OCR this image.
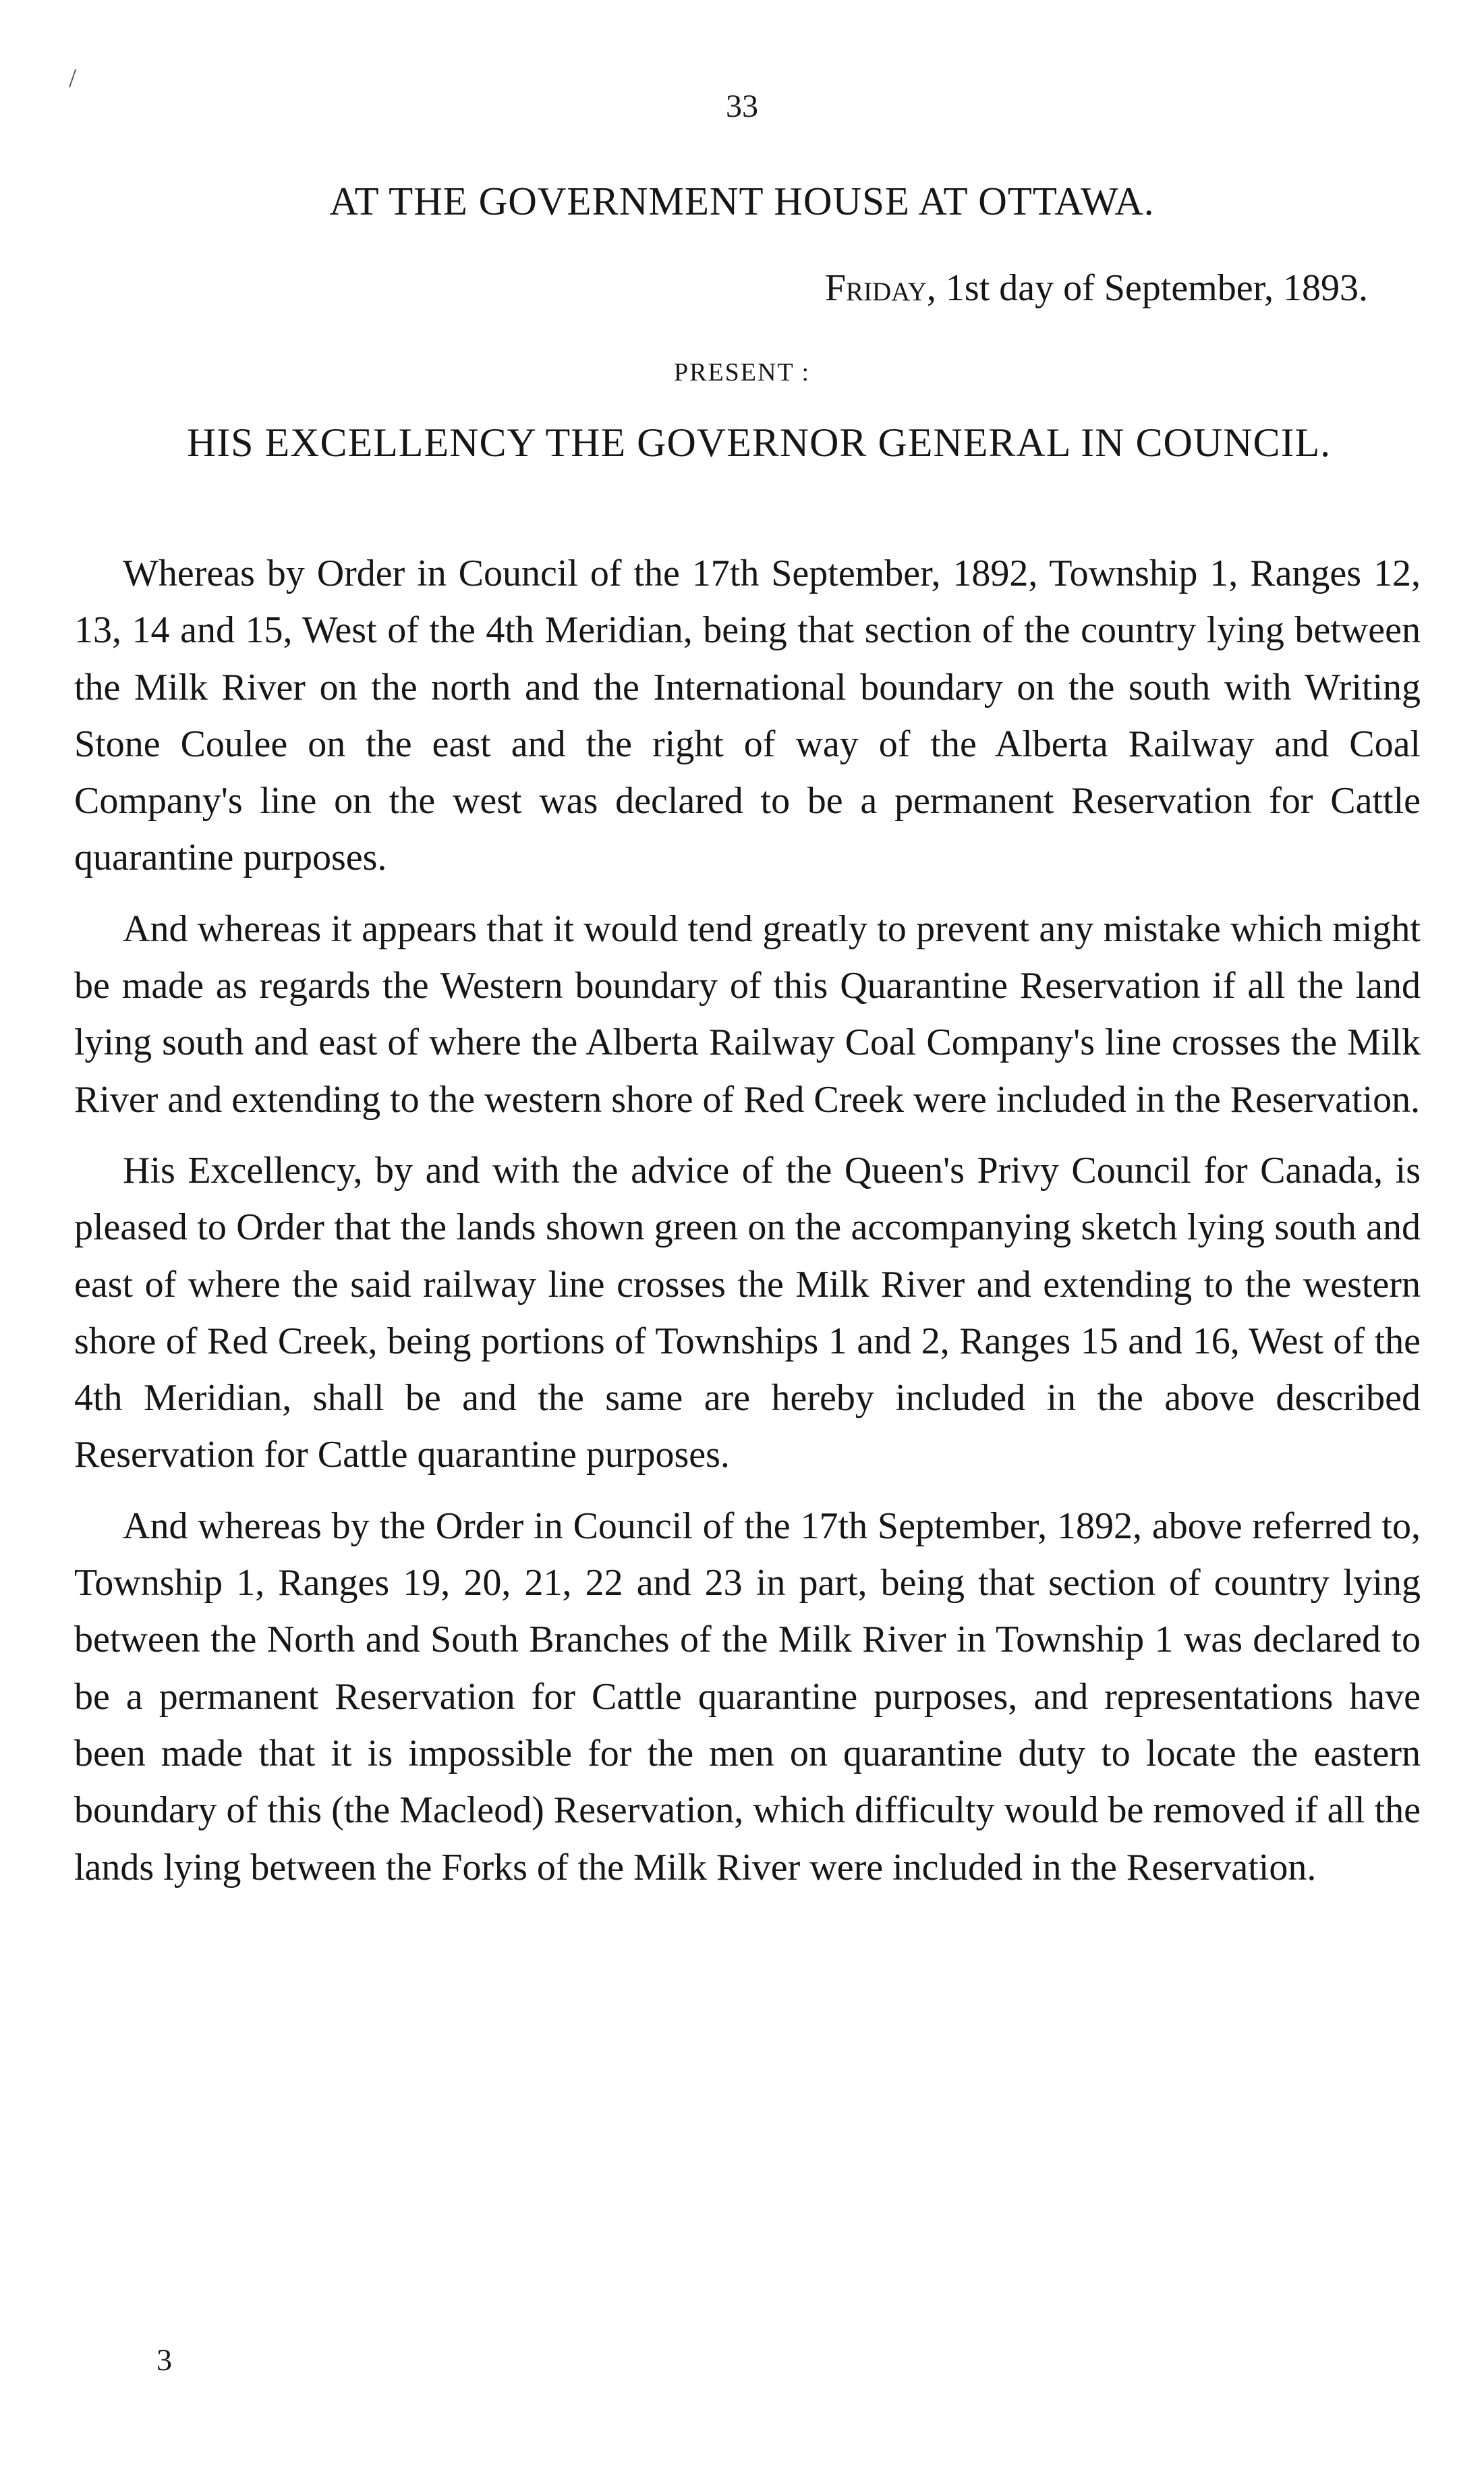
/
33
AT THE GOVERNMENT HOUSE AT OTTAWA.
Friday, 1st day of September, 1893.
PRESENT :
HIS EXCELLENCY THE GOVERNOR GENERAL IN COUNCIL.

Whereas by Order in Council of the 17th September, 1892, Township 1, Ranges 12, 13, 14 and 15, West of the 4th Meridian, being that section of the country lying between the Milk River on the north and the International boundary on the south with Writing Stone Coulee on the east and the right of way of the Alberta Railway and Coal Company's line on the west was declared to be a permanent Reservation for Cattle quarantine purposes.

And whereas it appears that it would tend greatly to prevent any mistake which might be made as regards the Western boundary of this Quarantine Reservation if all the land lying south and east of where the Alberta Railway Coal Company's line crosses the Milk River and extending to the western shore of Red Creek were included in the Reservation.

His Excellency, by and with the advice of the Queen's Privy Council for Canada, is pleased to Order that the lands shown green on the accompanying sketch lying south and east of where the said railway line crosses the Milk River and extending to the western shore of Red Creek, being portions of Townships 1 and 2, Ranges 15 and 16, West of the 4th Meridian, shall be and the same are hereby included in the above described Reservation for Cattle quarantine purposes.

And whereas by the Order in Council of the 17th September, 1892, above referred to, Township 1, Ranges 19, 20, 21, 22 and 23 in part, being that section of country lying between the North and South Branches of the Milk River in Township 1 was declared to be a permanent Reservation for Cattle quarantine purposes, and representations have been made that it is impossible for the men on quarantine duty to locate the eastern boundary of this (the Macleod) Reservation, which difficulty would be removed if all the lands lying between the Forks of the Milk River were included in the Reservation.

3
